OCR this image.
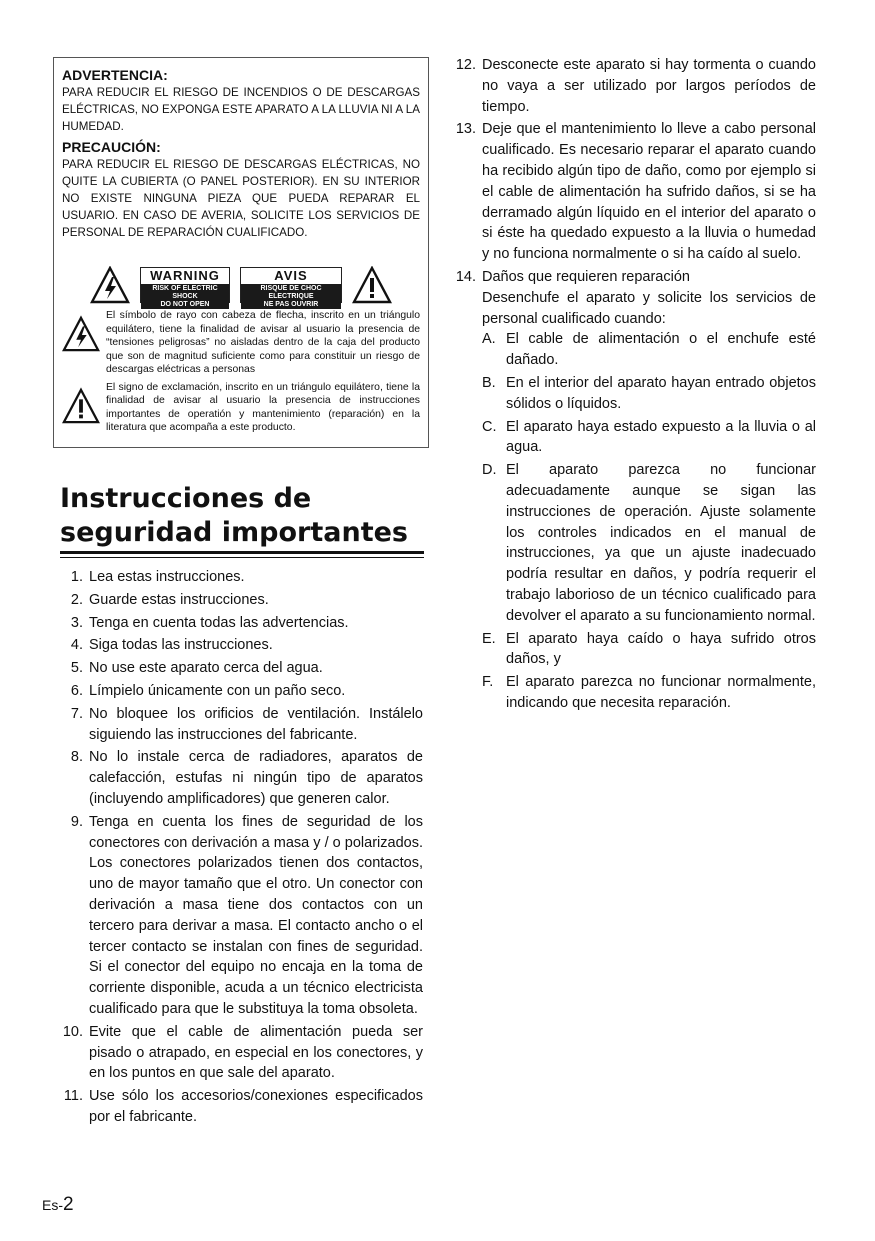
ADVERTENCIA:

PARA REDUCIR EL RIESGO DE INCENDIOS O DE DESCARGAS ELÉCTRICAS, NO EXPONGA ESTE APARATO A LA LLUVIA NI A LA HUMEDAD.

PRECAUCIÓN:

PARA REDUCIR EL RIESGO DE DESCARGAS ELÉCTRICAS, NO QUITE LA CUBIERTA (O PANEL POSTERIOR). EN SU INTERIOR NO EXISTE NINGUNA PIEZA QUE PUEDA REPARAR EL USUARIO. EN CASO DE AVERIA, SOLICITE LOS SERVICIOS DE PERSONAL DE REPARACIÓN CUALIFICADO.

WARNING
RISK OF ELECTRIC SHOCK
DO NOT OPEN
AVIS
RISQUE DE CHOC ELECTRIQUE
NE PAS OUVRIR

El símbolo de rayo con cabeza de flecha, inscrito en un triángulo equilátero, tiene la finalidad de avisar al usuario la presencia de “tensiones peligrosas” no aisladas dentro de la caja del producto que son de magnitud suficiente como para constituir un riesgo de descargas eléctricas a personas

El signo de exclamación, inscrito en un triángulo equilátero, tiene la finalidad de avisar al usuario la presencia de instrucciones importantes de operatión y mantenimiento (reparación) en la literatura que acompaña a este producto.

Instrucciones de seguridad importantes
1. Lea estas instrucciones.
2. Guarde estas instrucciones.
3. Tenga en cuenta todas las advertencias.
4. Siga todas las instrucciones.
5. No use este aparato cerca del agua.
6. Límpielo únicamente con un paño seco.
7. No bloquee los orificios de ventilación. Instálelo siguiendo las instrucciones del fabricante.
8. No lo instale cerca de radiadores, aparatos de calefacción, estufas ni ningún tipo de aparatos (incluyendo amplificadores) que generen calor.
9. Tenga en cuenta los fines de seguridad de los conectores con derivación a masa y / o polarizados. Los conectores polarizados tienen dos contactos, uno de mayor tamaño que el otro. Un conector con derivación a masa tiene dos contactos con un tercero para derivar a masa. El contacto ancho o el tercer contacto se instalan con fines de seguridad. Si el conector del equipo no encaja en la toma de corriente disponible, acuda a un técnico electricista cualificado para que le substituya la toma obsoleta.
10. Evite que el cable de alimentación pueda ser pisado o atrapado, en especial en los conectores, y en los puntos en que sale del aparato.
11. Use sólo los accesorios/conexiones especificados por el fabricante.
12. Desconecte este aparato si hay tormenta o cuando no vaya a ser utilizado por largos períodos de tiempo.
13. Deje que el mantenimiento lo lleve a cabo personal cualificado. Es necesario reparar el aparato cuando ha recibido algún tipo de daño, como por ejemplo si el cable de alimentación ha sufrido daños, si se ha derramado algún líquido en el interior del aparato o si éste ha quedado expuesto a la lluvia o humedad y no funciona normalmente o si ha caído al suelo.
14. Daños que requieren reparación
Desenchufe el aparato y solicite los servicios de personal cualificado cuando:
A. El cable de alimentación o el enchufe esté dañado.
B. En el interior del aparato hayan entrado objetos sólidos o líquidos.
C. El aparato haya estado expuesto a la lluvia o al agua.
D. El aparato parezca no funcionar adecuadamente aunque se sigan las instrucciones de operación. Ajuste solamente los controles indicados en el manual de instrucciones, ya que un ajuste inadecuado podría resultar en daños, y podría requerir el trabajo laborioso de un técnico cualificado para devolver el aparato a su funcionamiento normal.
E. El aparato haya caído o haya sufrido otros daños, y
F. El aparato parezca no funcionar normalmente, indicando que necesita reparación.
Es-2
